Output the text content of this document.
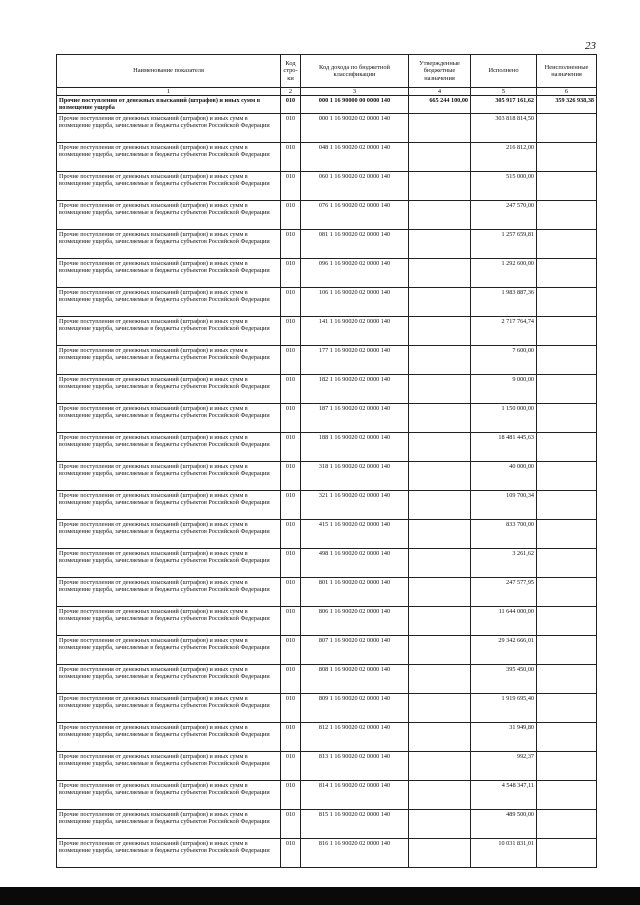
23
Наименование показателя	Код стро-ки	Код дохода по бюджетной классификации	Утвержденные бюджетные назначения	Исполнено	Неисполненные назначения
1	2	3	4	5	6
Прочие поступления от денежных взысканий (штрафов) и иных сумм в возмещение ущерба	010	000 1 16 90000 00 0000 140	665 244 100,00	305 917 161,62	359 326 938,38
Прочие поступления от денежных взысканий (штрафов) и иных сумм в возмещение ущерба, зачисляемые в бюджеты субъектов Российской Федерации	010	000 1 16 90020 02 0000 140		303 818 814,50	
Прочие поступления от денежных взысканий (штрафов) и иных сумм в возмещение ущерба, зачисляемые в бюджеты субъектов Российской Федерации	010	048 1 16 90020 02 0000 140		216 812,00	
Прочие поступления от денежных взысканий (штрафов) и иных сумм в возмещение ущерба, зачисляемые в бюджеты субъектов Российской Федерации	010	060 1 16 90020 02 0000 140		515 000,00	
Прочие поступления от денежных взысканий (штрафов) и иных сумм в возмещение ущерба, зачисляемые в бюджеты субъектов Российской Федерации	010	076 1 16 90020 02 0000 140		247 570,00	
Прочие поступления от денежных взысканий (штрафов) и иных сумм в возмещение ущерба, зачисляемые в бюджеты субъектов Российской Федерации	010	081 1 16 90020 02 0000 140		1 257 659,81	
Прочие поступления от денежных взысканий (штрафов) и иных сумм в возмещение ущерба, зачисляемые в бюджеты субъектов Российской Федерации	010	096 1 16 90020 02 0000 140		1 292 600,00	
Прочие поступления от денежных взысканий (штрафов) и иных сумм в возмещение ущерба, зачисляемые в бюджеты субъектов Российской Федерации	010	106 1 16 90020 02 0000 140		1 983 887,36	
Прочие поступления от денежных взысканий (штрафов) и иных сумм в возмещение ущерба, зачисляемые в бюджеты субъектов Российской Федерации	010	141 1 16 90020 02 0000 140		2 717 764,74	
Прочие поступления от денежных взысканий (штрафов) и иных сумм в возмещение ущерба, зачисляемые в бюджеты субъектов Российской Федерации	010	177 1 16 90020 02 0000 140		7 600,00	
Прочие поступления от денежных взысканий (штрафов) и иных сумм в возмещение ущерба, зачисляемые в бюджеты субъектов Российской Федерации	010	182 1 16 90020 02 0000 140		9 000,00	
Прочие поступления от денежных взысканий (штрафов) и иных сумм в возмещение ущерба, зачисляемые в бюджеты субъектов Российской Федерации	010	187 1 16 90020 02 0000 140		1 150 000,00	
Прочие поступления от денежных взысканий (штрафов) и иных сумм в возмещение ущерба, зачисляемые в бюджеты субъектов Российской Федерации	010	188 1 16 90020 02 0000 140		18 481 445,63	
Прочие поступления от денежных взысканий (штрафов) и иных сумм в возмещение ущерба, зачисляемые в бюджеты субъектов Российской Федерации	010	318 1 16 90020 02 0000 140		40 000,00	
Прочие поступления от денежных взысканий (штрафов) и иных сумм в возмещение ущерба, зачисляемые в бюджеты субъектов Российской Федерации	010	321 1 16 90020 02 0000 140		109 700,34	
Прочие поступления от денежных взысканий (штрафов) и иных сумм в возмещение ущерба, зачисляемые в бюджеты субъектов Российской Федерации	010	415 1 16 90020 02 0000 140		833 700,00	
Прочие поступления от денежных взысканий (штрафов) и иных сумм в возмещение ущерба, зачисляемые в бюджеты субъектов Российской Федерации	010	498 1 16 90020 02 0000 140		3 261,62	
Прочие поступления от денежных взысканий (штрафов) и иных сумм в возмещение ущерба, зачисляемые в бюджеты субъектов Российской Федерации	010	801 1 16 90020 02 0000 140		247 577,95	
Прочие поступления от денежных взысканий (штрафов) и иных сумм в возмещение ущерба, зачисляемые в бюджеты субъектов Российской Федерации	010	806 1 16 90020 02 0000 140		11 644 000,00	
Прочие поступления от денежных взысканий (штрафов) и иных сумм в возмещение ущерба, зачисляемые в бюджеты субъектов Российской Федерации	010	807 1 16 90020 02 0000 140		29 342 666,01	
Прочие поступления от денежных взысканий (штрафов) и иных сумм в возмещение ущерба, зачисляемые в бюджеты субъектов Российской Федерации	010	808 1 16 90020 02 0000 140		395 450,00	
Прочие поступления от денежных взысканий (штрафов) и иных сумм в возмещение ущерба, зачисляемые в бюджеты субъектов Российской Федерации	010	809 1 16 90020 02 0000 140		1 919 695,40	
Прочие поступления от денежных взысканий (штрафов) и иных сумм в возмещение ущерба, зачисляемые в бюджеты субъектов Российской Федерации	010	812 1 16 90020 02 0000 140		31 949,80	
Прочие поступления от денежных взысканий (штрафов) и иных сумм в возмещение ущерба, зачисляемые в бюджеты субъектов Российской Федерации	010	813 1 16 90020 02 0000 140		992,37	
Прочие поступления от денежных взысканий (штрафов) и иных сумм в возмещение ущерба, зачисляемые в бюджеты субъектов Российской Федерации	010	814 1 16 90020 02 0000 140		4 548 347,11	
Прочие поступления от денежных взысканий (штрафов) и иных сумм в возмещение ущерба, зачисляемые в бюджеты субъектов Российской Федерации	010	815 1 16 90020 02 0000 140		489 500,00	
Прочие поступления от денежных взысканий (штрафов) и иных сумм в возмещение ущерба, зачисляемые в бюджеты субъектов Российской Федерации	010	816 1 16 90020 02 0000 140		10 031 831,01	
